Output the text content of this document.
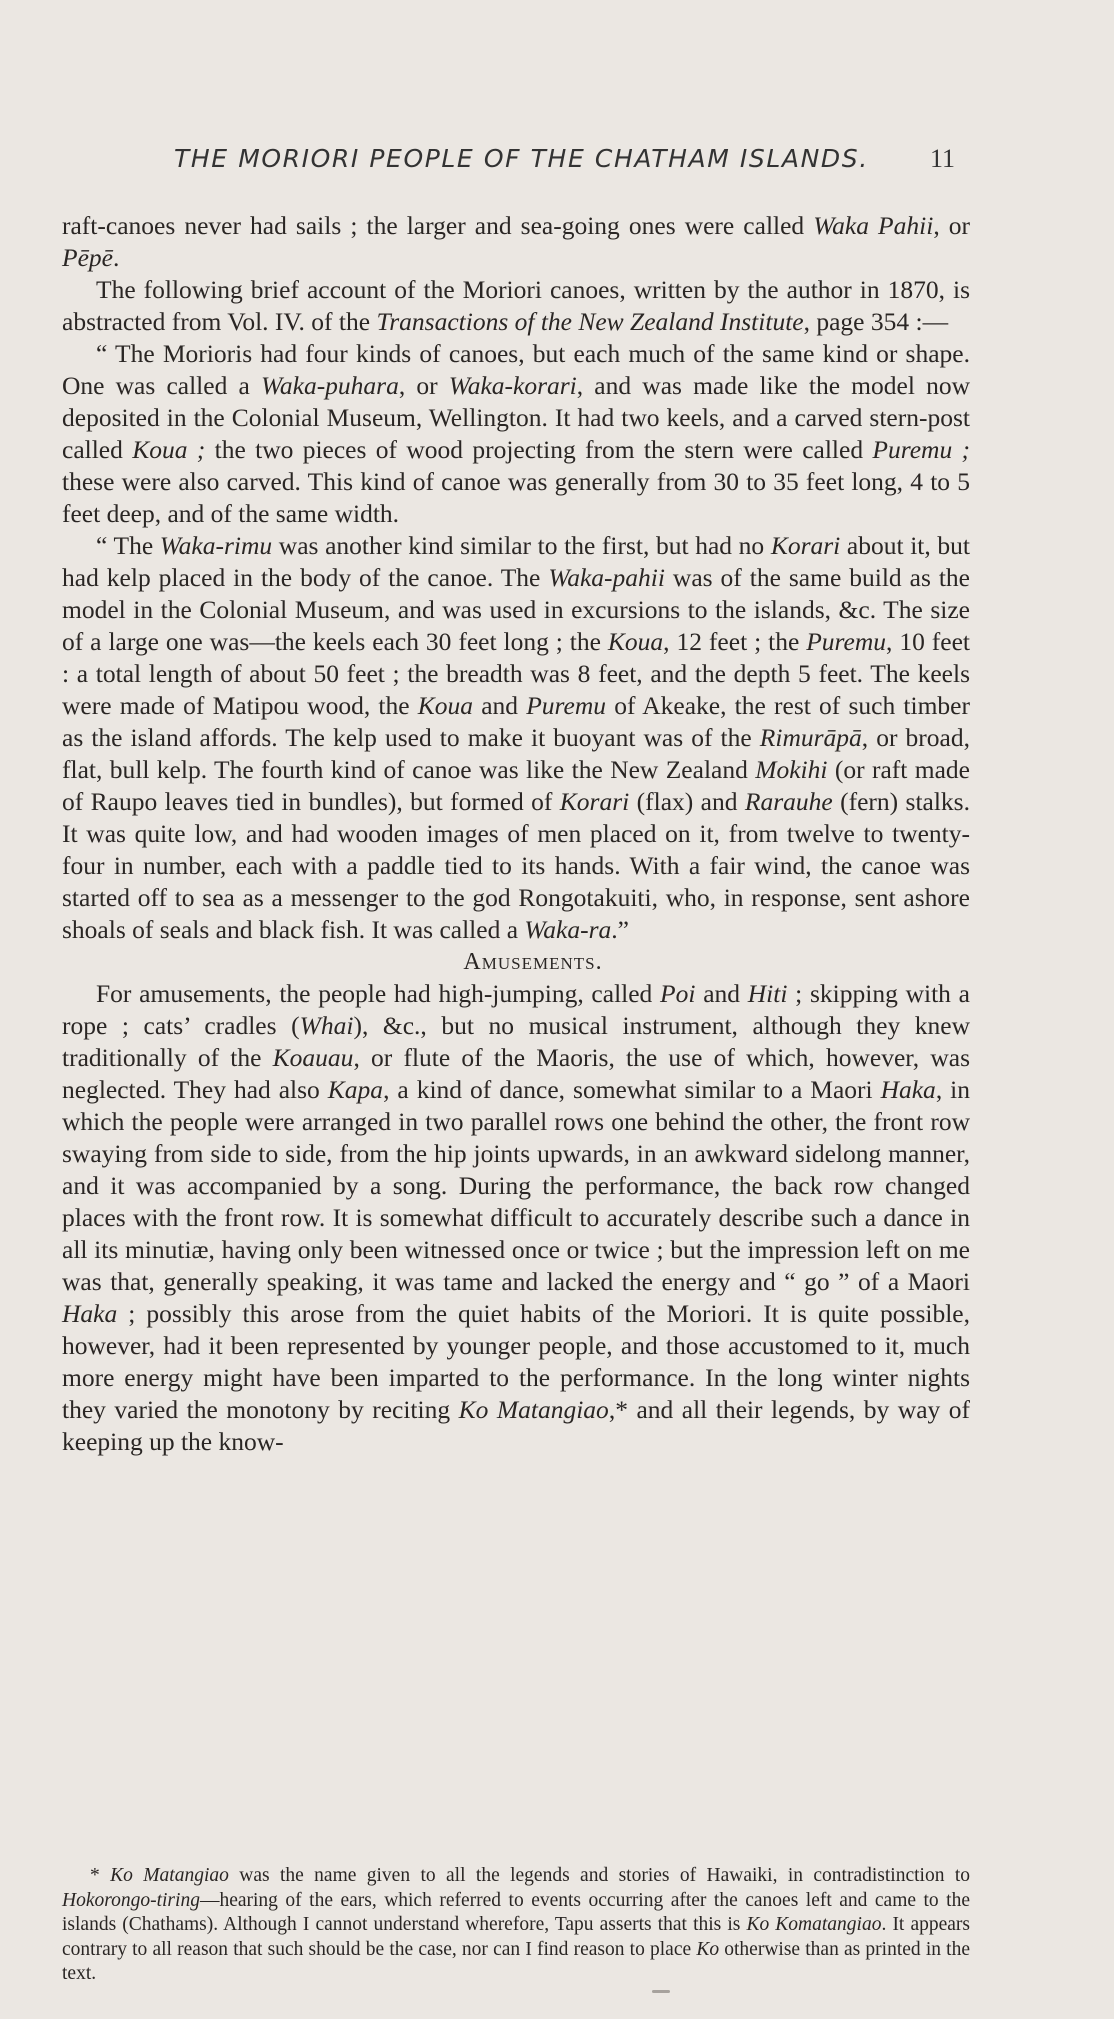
THE MORIORI PEOPLE OF THE CHATHAM ISLANDS. 11

raft-canoes never had sails ; the larger and sea-going ones were called Waka Pahii, or Pēpē.

The following brief account of the Moriori canoes, written by the author in 1870, is abstracted from Vol. IV. of the Transactions of the New Zealand Institute, page 354 :—

“ The Morioris had four kinds of canoes, but each much of the same kind or shape. One was called a Waka-puhara, or Waka-korari, and was made like the model now deposited in the Colonial Museum, Wellington. It had two keels, and a carved stern-post called Koua ; the two pieces of wood projecting from the stern were called Puremu ; these were also carved. This kind of canoe was generally from 30 to 35 feet long, 4 to 5 feet deep, and of the same width.

“ The Waka-rimu was another kind similar to the first, but had no Korari about it, but had kelp placed in the body of the canoe. The Waka-pahii was of the same build as the model in the Colonial Museum, and was used in excursions to the islands, &c. The size of a large one was—the keels each 30 feet long ; the Koua, 12 feet ; the Puremu, 10 feet : a total length of about 50 feet ; the breadth was 8 feet, and the depth 5 feet. The keels were made of Matipou wood, the Koua and Puremu of Akeake, the rest of such timber as the island affords. The kelp used to make it buoyant was of the Rimurāpā, or broad, flat, bull kelp. The fourth kind of canoe was like the New Zealand Mokihi (or raft made of Raupo leaves tied in bundles), but formed of Korari (flax) and Rarauhe (fern) stalks. It was quite low, and had wooden images of men placed on it, from twelve to twenty-four in number, each with a paddle tied to its hands. With a fair wind, the canoe was started off to sea as a messenger to the god Rongotakuiti, who, in response, sent ashore shoals of seals and black fish. It was called a Waka-ra.”

Amusements.

For amusements, the people had high-jumping, called Poi and Hiti ; skipping with a rope ; cats’ cradles (Whai), &c., but no musical instrument, although they knew traditionally of the Koauau, or flute of the Maoris, the use of which, however, was neglected. They had also Kapa, a kind of dance, somewhat similar to a Maori Haka, in which the people were arranged in two parallel rows one behind the other, the front row swaying from side to side, from the hip joints upwards, in an awkward sidelong manner, and it was accompanied by a song. During the performance, the back row changed places with the front row. It is somewhat difficult to accurately describe such a dance in all its minutiæ, having only been witnessed once or twice ; but the impression left on me was that, generally speaking, it was tame and lacked the energy and “ go ” of a Maori Haka ; possibly this arose from the quiet habits of the Moriori. It is quite possible, however, had it been represented by younger people, and those accustomed to it, much more energy might have been imparted to the performance. In the long winter nights they varied the monotony by reciting Ko Matangiao,* and all their legends, by way of keeping up the know-

* Ko Matangiao was the name given to all the legends and stories of Hawaiki, in contradistinction to Hokorongo-tiring—hearing of the ears, which referred to events occurring after the canoes left and came to the islands (Chathams). Although I cannot understand wherefore, Tapu asserts that this is Ko Komatangiao. It appears contrary to all reason that such should be the case, nor can I find reason to place Ko otherwise than as printed in the text.
